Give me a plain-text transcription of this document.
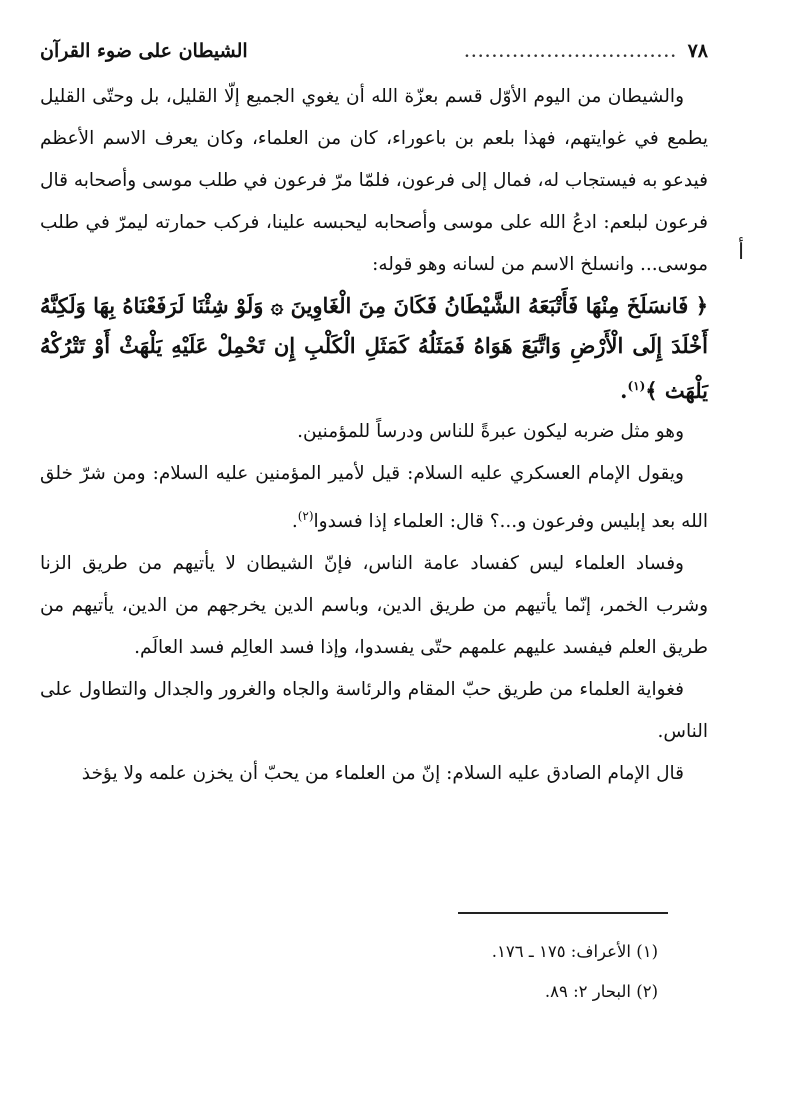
٧٨
...............................
الشيطان على ضوء القرآن

والشيطان من اليوم الأوّل قسم بعزّة الله أن يغوي الجميع إلّا القليل، بل وحتّى القليل يطمع في غوايتهم، فهذا بلعم بن باعوراء، كان من العلماء، وكان يعرف الاسم الأعظم فيدعو به فيستجاب له، فمال إلى فرعون، فلمّا مرّ فرعون في طلب موسى وأصحابه قال فرعون لبلعم: ادعُ الله على موسى وأصحابه ليحبسه علينا، فركب حمارته ليمرّ في طلب موسى... وانسلخ الاسم من لسانه وهو قوله:

﴿ فَانسَلَخَ مِنْهَا فَأَتْبَعَهُ الشَّيْطَانُ فَكَانَ مِنَ الْغَاوِينَ ۞ وَلَوْ شِئْنَا لَرَفَعْنَاهُ بِهَا وَلَكِنَّهُ أَخْلَدَ إِلَى الْأَرْضِ وَاتَّبَعَ هَوَاهُ فَمَثَلُهُ كَمَثَلِ الْكَلْبِ إِن تَحْمِلْ عَلَيْهِ يَلْهَثْ أَوْ تَتْرُكْهُ يَلْهَث ﴾$^{(١)}$.

وهو مثل ضربه ليكون عبرةً للناس ودرساً للمؤمنين.

ويقول الإمام العسكري عليه السلام: قيل لأمير المؤمنين عليه السلام: ومن شرّ خلق الله بعد إبليس وفرعون و...؟ قال: العلماء إذا فسدوا$^{(٢)}$.

وفساد العلماء ليس كفساد عامة الناس، فإنّ الشيطان لا يأتيهم من طريق الزنا وشرب الخمر، إنّما يأتيهم من طريق الدين، وباسم الدين يخرجهم من الدين، يأتيهم من طريق العلم فيفسد عليهم علمهم حتّى يفسدوا، وإذا فسد العالِم فسد العالَم.

فغواية العلماء من طريق حبّ المقام والرئاسة والجاه والغرور والجدال والتطاول على الناس.

قال الإمام الصادق عليه السلام: إنّ من العلماء من يحبّ أن يخزن علمه ولا يؤخذ

أ
(١) الأعراف: ١٧٥ ـ ١٧٦.
(٢) البحار ٢: ٨٩.
